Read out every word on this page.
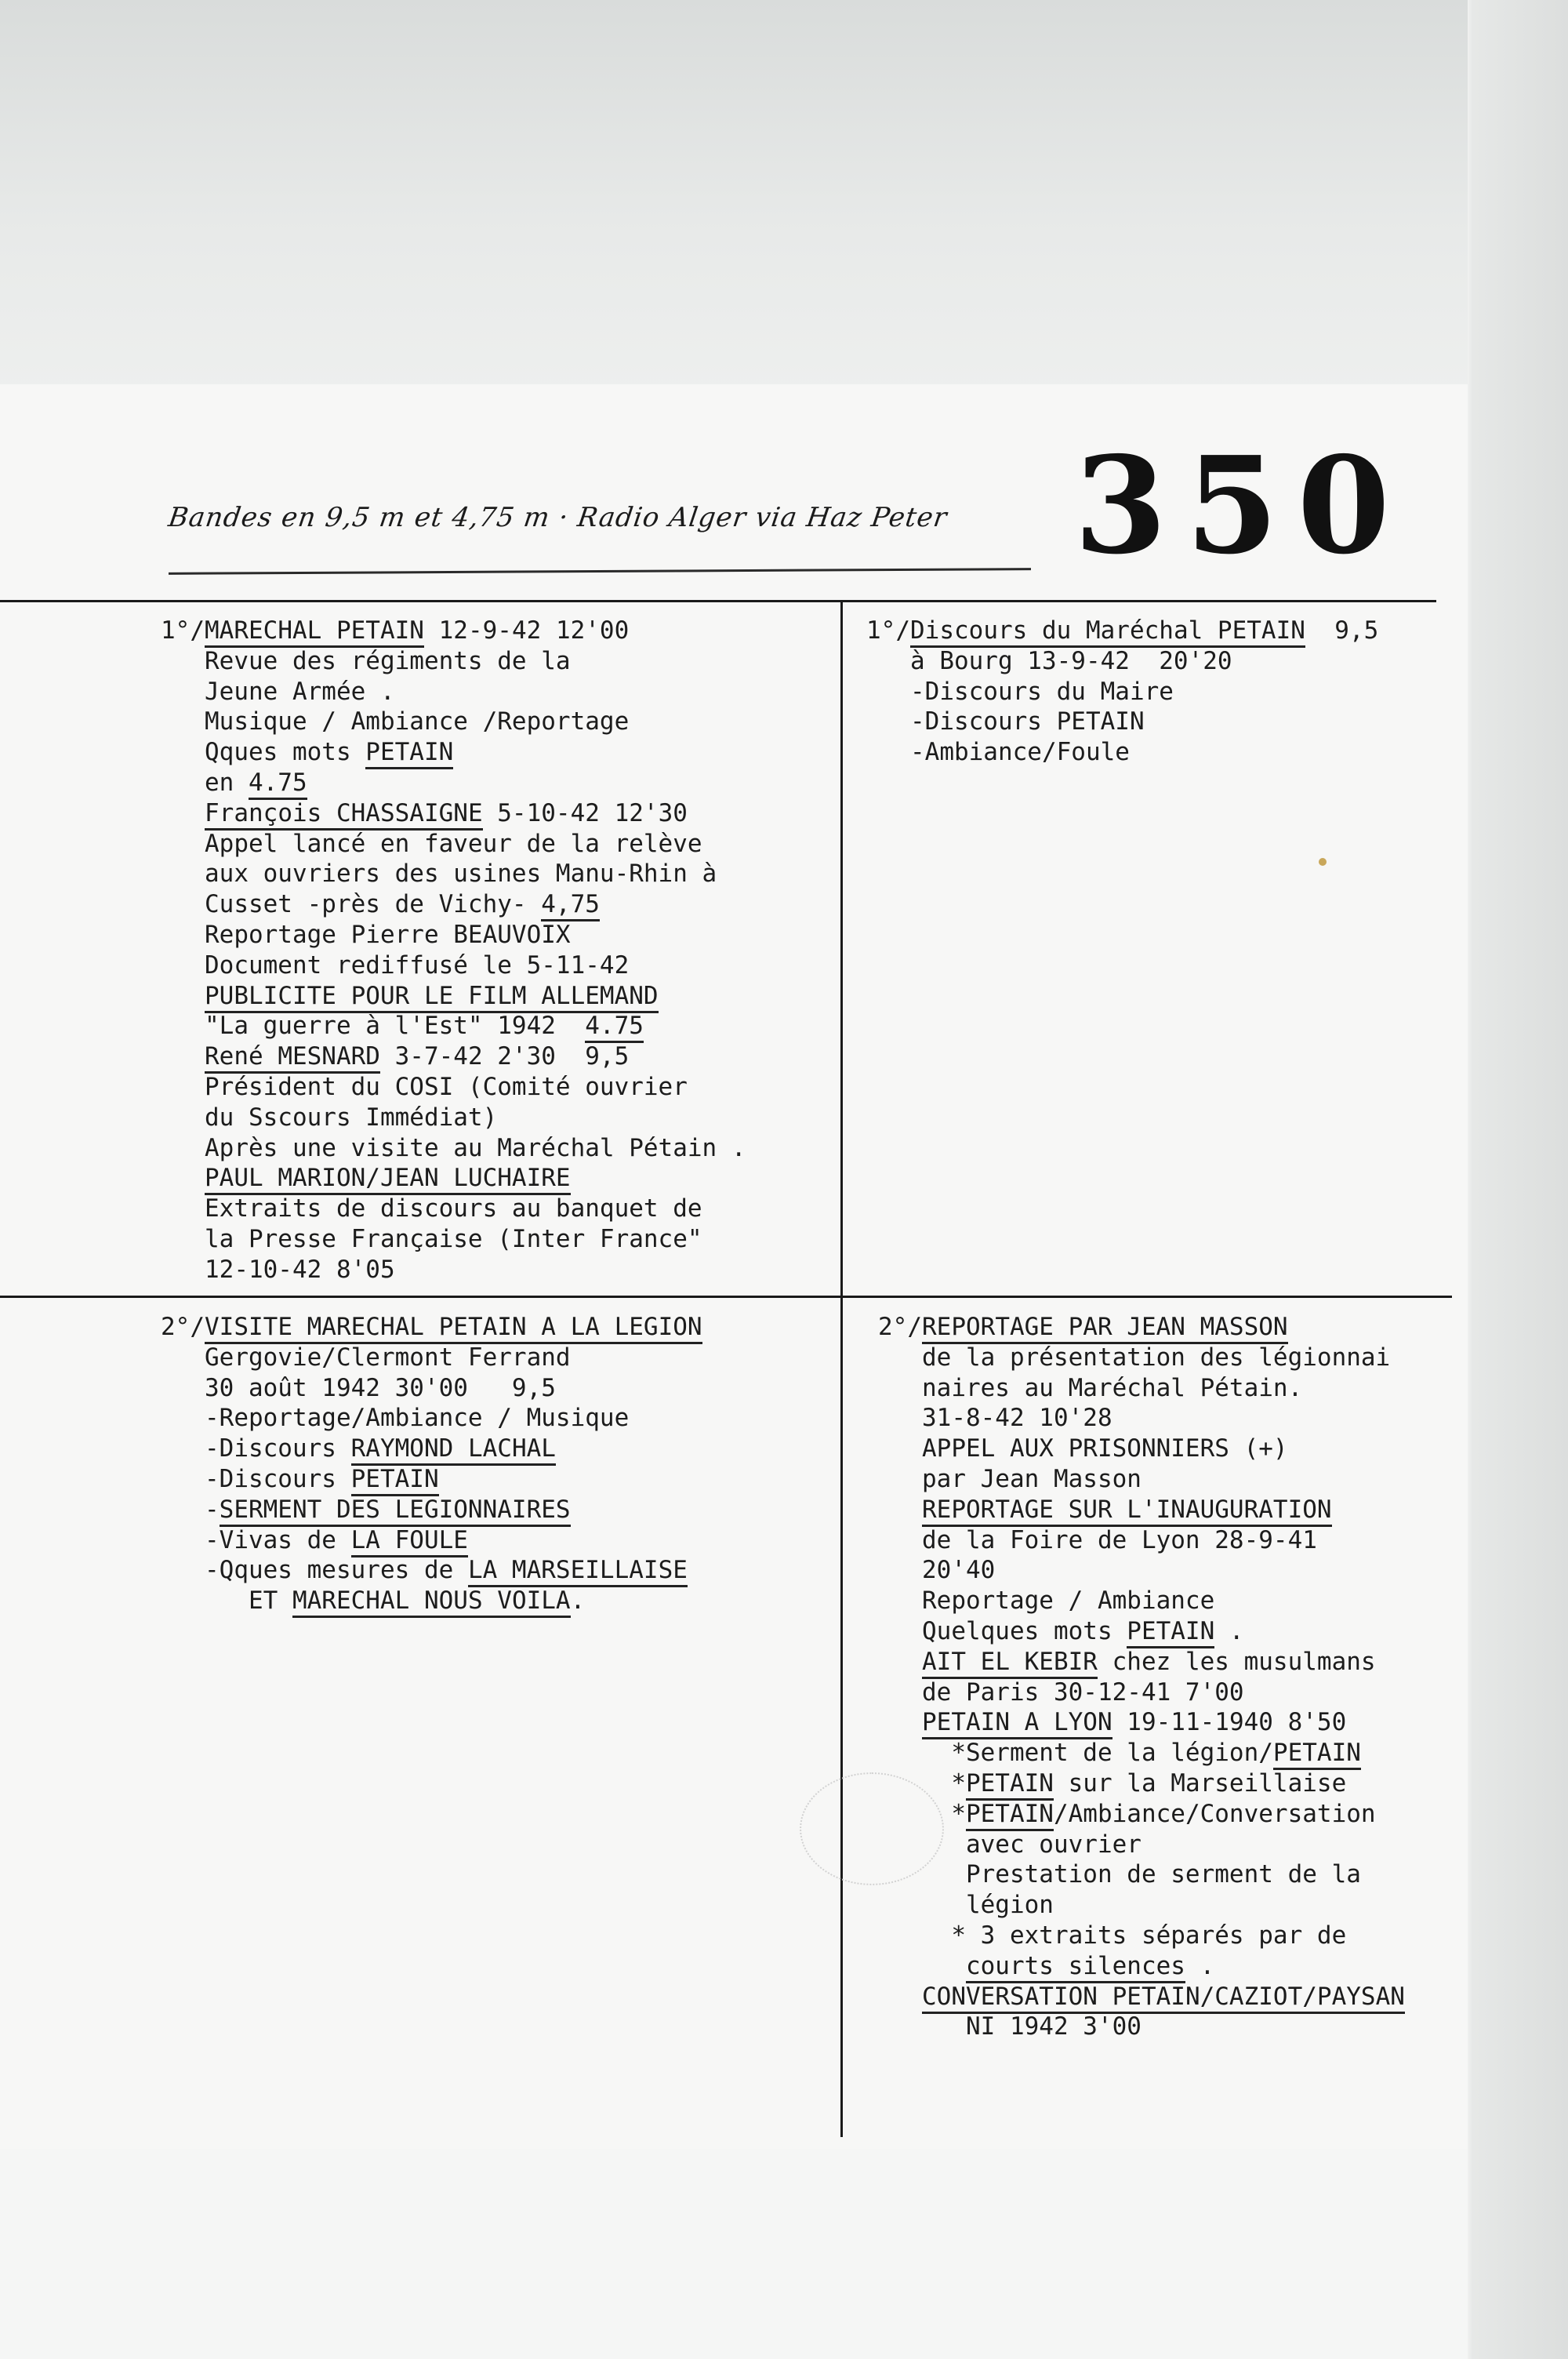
Bandes en 9,5 m et 4,75 m · Radio Alger via Haz Peter 350
1°/MARECHAL PETAIN 12-9-42 12'00
Revue des régiments de la
Jeune Armée .
Musique / Ambiance /Reportage
Qques mots PETAIN
en 4.75
François CHASSAIGNE 5-10-42 12'30
Appel lancé en faveur de la relève
aux ouvriers des usines Manu-Rhin à
Cusset -près de Vichy- 4,75
Reportage Pierre BEAUVOIX
Document rediffusé le 5-11-42
PUBLICITE POUR LE FILM ALLEMAND
"La guerre à l'Est" 1942  4.75
René MESNARD 3-7-42 2'30  9,5
Président du COSI (Comité ouvrier
du Sscours Immédiat)
Après une visite au Maréchal Pétain .
PAUL MARION/JEAN LUCHAIRE
Extraits de discours au banquet de
la Presse Française (Inter France"
12-10-42 8'05
1°/Discours du Maréchal PETAIN  9,5
à Bourg 13-9-42  20'20
-Discours du Maire
-Discours PETAIN
-Ambiance/Foule
2°/VISITE MARECHAL PETAIN A LA LEGION
Gergovie/Clermont Ferrand
30 août 1942 30'00   9,5
-Reportage/Ambiance / Musique
-Discours RAYMOND LACHAL
-Discours PETAIN
-SERMENT DES LEGIONNAIRES
-Vivas de LA FOULE
-Qques mesures de LA MARSEILLAISE
ET MARECHAL NOUS VOILA.
2°/REPORTAGE PAR JEAN MASSON
de la présentation des légionnai
naires au Maréchal Pétain.
31-8-42 10'28
APPEL AUX PRISONNIERS (+)
par Jean Masson
REPORTAGE SUR L'INAUGURATION
de la Foire de Lyon 28-9-41
20'40
Reportage / Ambiance
Quelques mots PETAIN .
AIT EL KEBIR chez les musulmans
de Paris 30-12-41 7'00
PETAIN A LYON 19-11-1940 8'50
*Serment de la légion/PETAIN
*PETAIN sur la Marseillaise
*PETAIN/Ambiance/Conversation
avec ouvrier
Prestation de serment de la
légion
* 3 extraits séparés par de
courts silences .
CONVERSATION PETAIN/CAZIOT/PAYSAN
NI 1942 3'00
